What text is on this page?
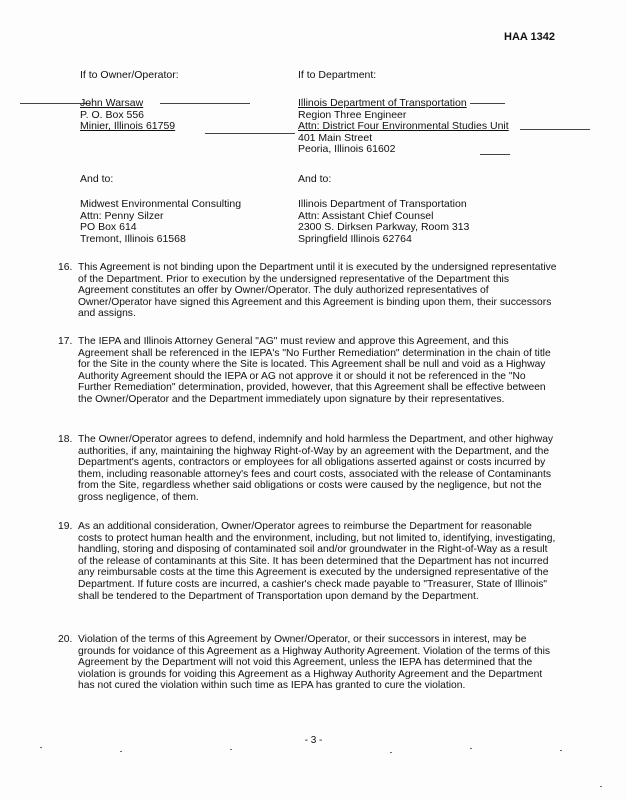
HAA 1342
If to Owner/Operator:	If to Department:
John Warsaw
P. O. Box 556
Minier, Illinois 61759
Illinois Department of Transportation
Region Three Engineer
Attn: District Four Environmental Studies Unit
401 Main Street
Peoria, Illinois 61602
And to:	And to:
Midwest Environmental Consulting
Attn: Penny Silzer
PO Box 614
Tremont, Illinois 61568
Illinois Department of Transportation
Attn: Assistant Chief Counsel
2300 S. Dirksen Parkway, Room 313
Springfield Illinois 62764
16. This Agreement is not binding upon the Department until it is executed by the undersigned representative of the Department. Prior to execution by the undersigned representative of the Department this Agreement constitutes an offer by Owner/Operator. The duly authorized representatives of Owner/Operator have signed this Agreement and this Agreement is binding upon them, their successors and assigns.
17. The IEPA and Illinois Attorney General "AG" must review and approve this Agreement, and this Agreement shall be referenced in the IEPA's "No Further Remediation" determination in the chain of title for the Site in the county where the Site is located. This Agreement shall be null and void as a Highway Authority Agreement should the IEPA or AG not approve it or should it not be referenced in the "No Further Remediation" determination, provided, however, that this Agreement shall be effective between the Owner/Operator and the Department immediately upon signature by their representatives.
18. The Owner/Operator agrees to defend, indemnify and hold harmless the Department, and other highway authorities, if any, maintaining the highway Right-of-Way by an agreement with the Department, and the Department's agents, contractors or employees for all obligations asserted against or costs incurred by them, including reasonable attorney's fees and court costs, associated with the release of Contaminants from the Site, regardless whether said obligations or costs were caused by the negligence, but not the gross negligence, of them.
19. As an additional consideration, Owner/Operator agrees to reimburse the Department for reasonable costs to protect human health and the environment, including, but not limited to, identifying, investigating, handling, storing and disposing of contaminated soil and/or groundwater in the Right-of-Way as a result of the release of contaminants at this Site. It has been determined that the Department has not incurred any reimbursable costs at the time this Agreement is executed by the undersigned representative of the Department. If future costs are incurred, a cashier's check made payable to "Treasurer, State of Illinois" shall be tendered to the Department of Transportation upon demand by the Department.
20. Violation of the terms of this Agreement by Owner/Operator, or their successors in interest, may be grounds for voidance of this Agreement as a Highway Authority Agreement. Violation of the terms of this Agreement by the Department will not void this Agreement, unless the IEPA has determined that the violation is grounds for voiding this Agreement as a Highway Authority Agreement and the Department has not cured the violation within such time as IEPA has granted to cure the violation.
- 3 -
